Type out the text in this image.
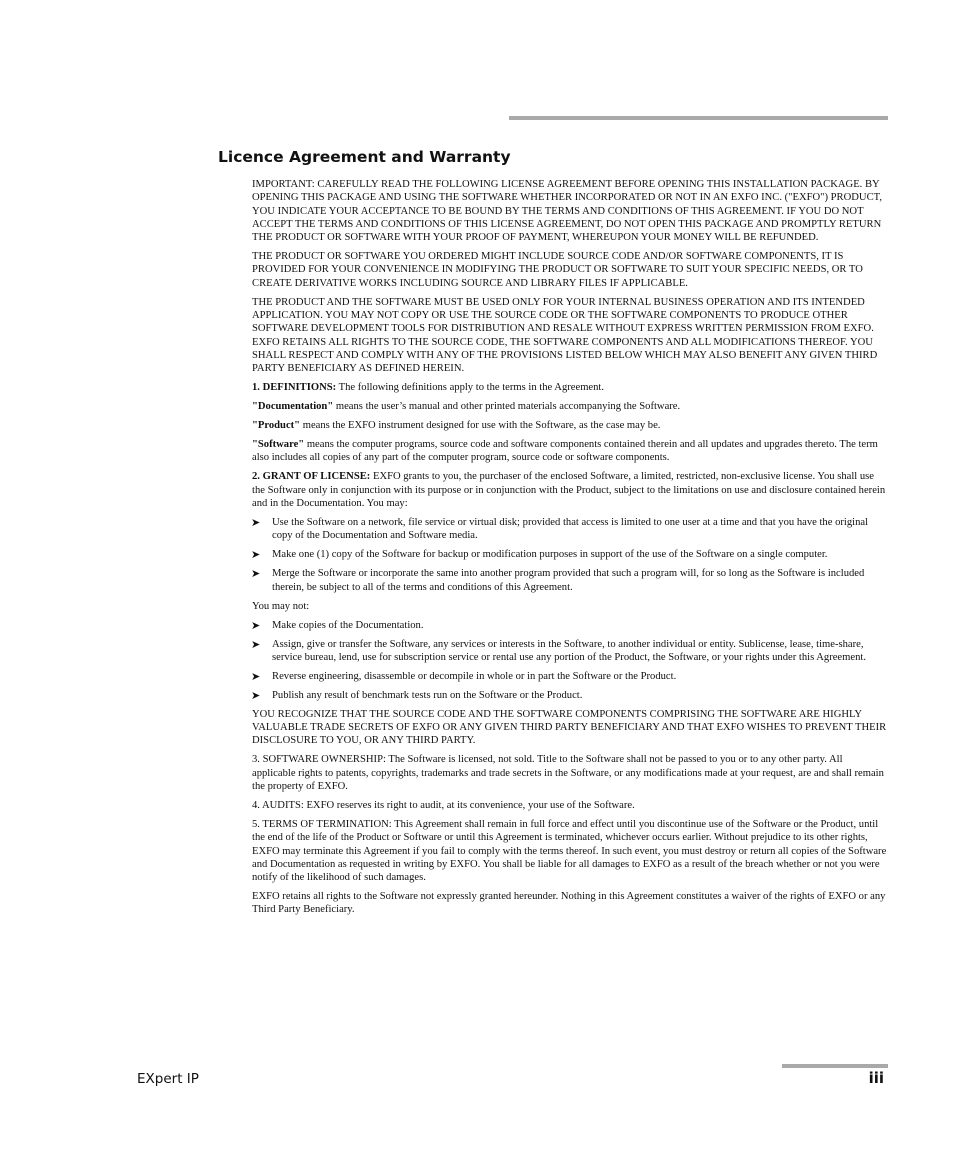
Licence Agreement and Warranty

IMPORTANT: CAREFULLY READ THE FOLLOWING LICENSE AGREEMENT BEFORE OPENING THIS INSTALLATION PACKAGE. BY OPENING THIS PACKAGE AND USING THE SOFTWARE WHETHER INCORPORATED OR NOT IN AN EXFO INC. ("EXFO") PRODUCT, YOU INDICATE YOUR ACCEPTANCE TO BE BOUND BY THE TERMS AND CONDITIONS OF THIS AGREEMENT. IF YOU DO NOT ACCEPT THE TERMS AND CONDITIONS OF THIS LICENSE AGREEMENT, DO NOT OPEN THIS PACKAGE AND PROMPTLY RETURN THE PRODUCT OR SOFTWARE WITH YOUR PROOF OF PAYMENT, WHEREUPON YOUR MONEY WILL BE REFUNDED.

THE PRODUCT OR SOFTWARE YOU ORDERED MIGHT INCLUDE SOURCE CODE AND/OR SOFTWARE COMPONENTS, IT IS PROVIDED FOR YOUR CONVENIENCE IN MODIFYING THE PRODUCT OR SOFTWARE TO SUIT YOUR SPECIFIC NEEDS, OR TO CREATE DERIVATIVE WORKS INCLUDING SOURCE AND LIBRARY FILES IF APPLICABLE.

THE PRODUCT AND THE SOFTWARE MUST BE USED ONLY FOR YOUR INTERNAL BUSINESS OPERATION AND ITS INTENDED APPLICATION. YOU MAY NOT COPY OR USE THE SOURCE CODE OR THE SOFTWARE COMPONENTS TO PRODUCE OTHER SOFTWARE DEVELOPMENT TOOLS FOR DISTRIBUTION AND RESALE WITHOUT EXPRESS WRITTEN PERMISSION FROM EXFO. EXFO RETAINS ALL RIGHTS TO THE SOURCE CODE, THE SOFTWARE COMPONENTS AND ALL MODIFICATIONS THEREOF. YOU SHALL RESPECT AND COMPLY WITH ANY OF THE PROVISIONS LISTED BELOW WHICH MAY ALSO BENEFIT ANY GIVEN THIRD PARTY BENEFICIARY AS DEFINED HEREIN.

1. DEFINITIONS: The following definitions apply to the terms in the Agreement.

"Documentation" means the user’s manual and other printed materials accompanying the Software.

"Product" means the EXFO instrument designed for use with the Software, as the case may be.

"Software" means the computer programs, source code and software components contained therein and all updates and upgrades thereto. The term also includes all copies of any part of the computer program, source code or software components.

2. GRANT OF LICENSE: EXFO grants to you, the purchaser of the enclosed Software, a limited, restricted, non-exclusive license. You shall use the Software only in conjunction with its purpose or in conjunction with the Product, subject to the limitations on use and disclosure contained herein and in the Documentation. You may:

➤ Use the Software on a network, file service or virtual disk; provided that access is limited to one user at a time and that you have the original copy of the Documentation and Software media.
➤ Make one (1) copy of the Software for backup or modification purposes in support of the use of the Software on a single computer.
➤ Merge the Software or incorporate the same into another program provided that such a program will, for so long as the Software is included therein, be subject to all of the terms and conditions of this Agreement.

You may not:

➤ Make copies of the Documentation.
➤ Assign, give or transfer the Software, any services or interests in the Software, to another individual or entity. Sublicense, lease, time-share, service bureau, lend, use for subscription service or rental use any portion of the Product, the Software, or your rights under this Agreement.
➤ Reverse engineering, disassemble or decompile in whole or in part the Software or the Product.
➤ Publish any result of benchmark tests run on the Software or the Product.

YOU RECOGNIZE THAT THE SOURCE CODE AND THE SOFTWARE COMPONENTS COMPRISING THE SOFTWARE ARE HIGHLY VALUABLE TRADE SECRETS OF EXFO OR ANY GIVEN THIRD PARTY BENEFICIARY AND THAT EXFO WISHES TO PREVENT THEIR DISCLOSURE TO YOU, OR ANY THIRD PARTY.

3. SOFTWARE OWNERSHIP: The Software is licensed, not sold. Title to the Software shall not be passed to you or to any other party. All applicable rights to patents, copyrights, trademarks and trade secrets in the Software, or any modifications made at your request, are and shall remain the property of EXFO.

4. AUDITS: EXFO reserves its right to audit, at its convenience, your use of the Software.

5. TERMS OF TERMINATION: This Agreement shall remain in full force and effect until you discontinue use of the Software or the Product, until the end of the life of the Product or Software or until this Agreement is terminated, whichever occurs earlier. Without prejudice to its other rights, EXFO may terminate this Agreement if you fail to comply with the terms thereof. In such event, you must destroy or return all copies of the Software and Documentation as requested in writing by EXFO. You shall be liable for all damages to EXFO as a result of the breach whether or not you were notify of the likelihood of such damages.

EXFO retains all rights to the Software not expressly granted hereunder. Nothing in this Agreement constitutes a waiver of the rights of EXFO or any Third Party Beneficiary.

EXpert IP	iii
